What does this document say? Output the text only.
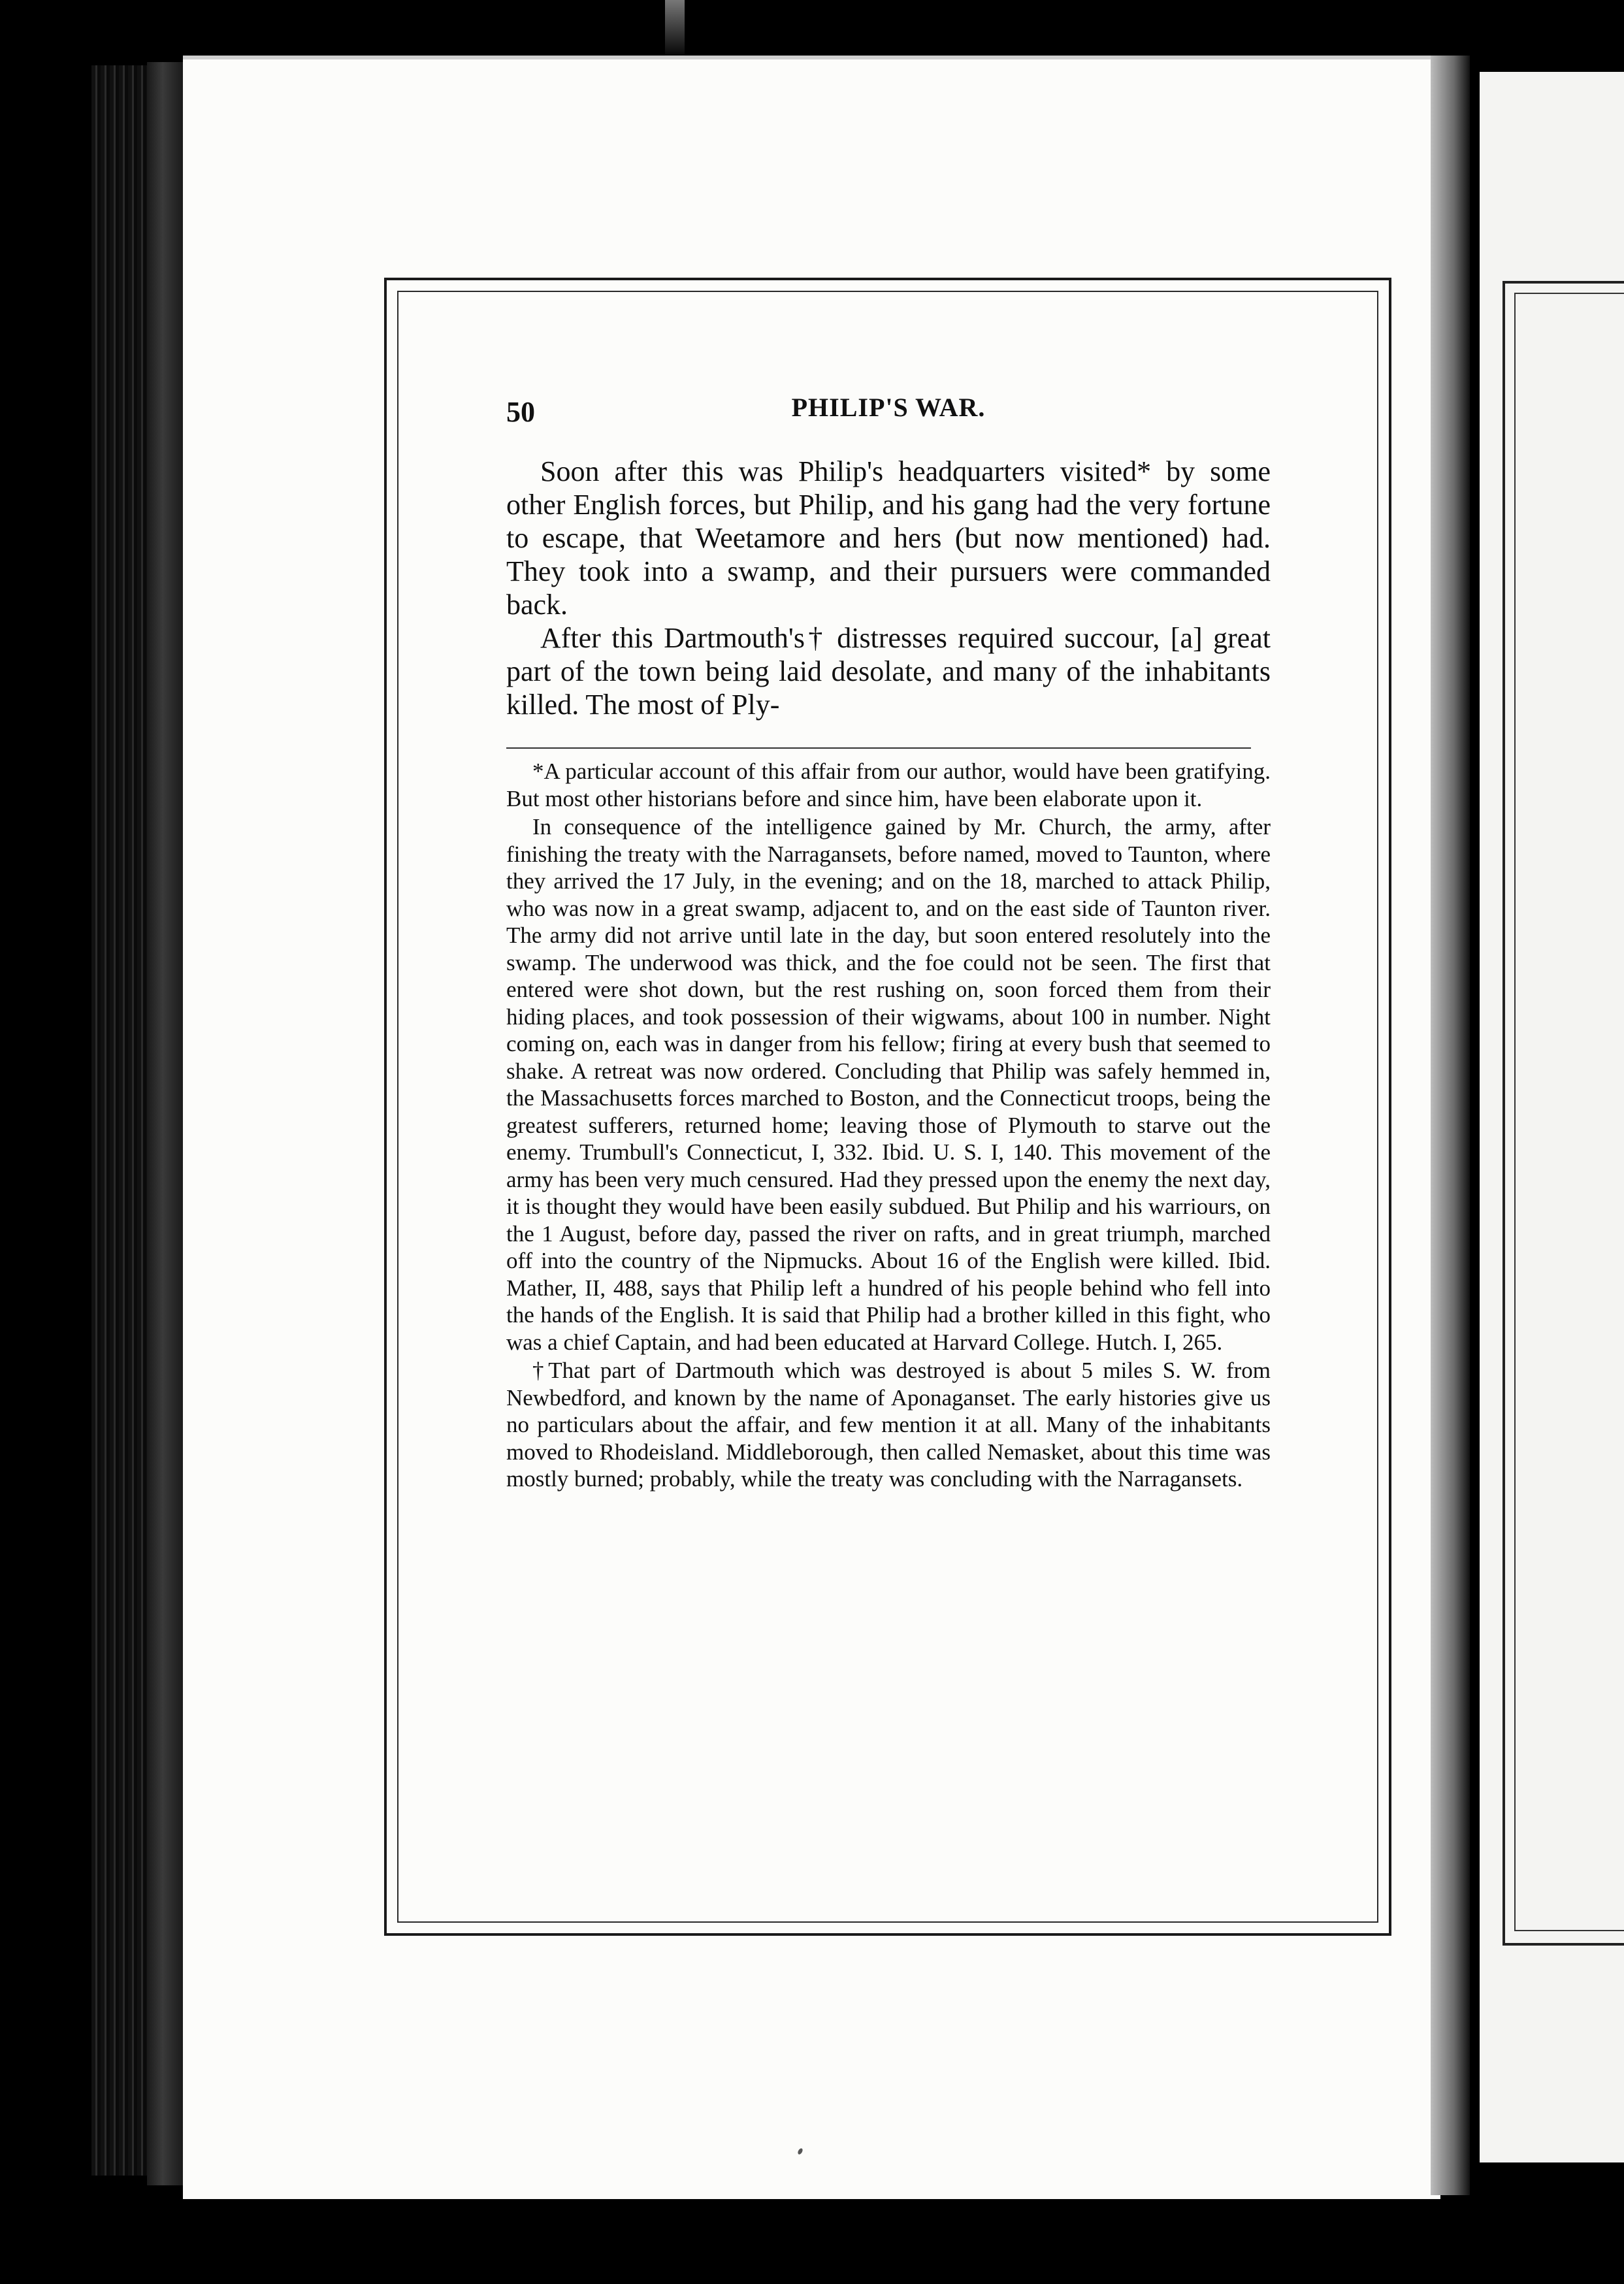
50	PHILIP'S WAR.

Soon after this was Philip's headquarters visited* by some other English forces, but Philip, and his gang had the very fortune to escape, that Weetamore and hers (but now mentioned) had. They took into a swamp, and their pursuers were commanded back.

After this Dartmouth's† distresses required succour, [a] great part of the town being laid desolate, and many of the inhabitants killed. The most of Ply-

*A particular account of this affair from our author, would have been gratifying. But most other historians before and since him, have been elaborate upon it.

In consequence of the intelligence gained by Mr. Church, the army, after finishing the treaty with the Narragansets, before named, moved to Taunton, where they arrived the 17 July, in the evening; and on the 18, marched to attack Philip, who was now in a great swamp, adjacent to, and on the east side of Taunton river. The army did not arrive until late in the day, but soon entered resolutely into the swamp. The underwood was thick, and the foe could not be seen. The first that entered were shot down, but the rest rushing on, soon forced them from their hiding places, and took possession of their wigwams, about 100 in number. Night coming on, each was in danger from his fellow; firing at every bush that seemed to shake. A retreat was now ordered. Concluding that Philip was safely hemmed in, the Massachusetts forces marched to Boston, and the Connecticut troops, being the greatest sufferers, returned home; leaving those of Plymouth to starve out the enemy. Trumbull's Connecticut, I, 332. Ibid. U. S. I, 140. This movement of the army has been very much censured. Had they pressed upon the enemy the next day, it is thought they would have been easily subdued. But Philip and his warriours, on the 1 August, before day, passed the river on rafts, and in great triumph, marched off into the country of the Nipmucks. About 16 of the English were killed. Ibid. Mather, II, 488, says that Philip left a hundred of his people behind who fell into the hands of the English. It is said that Philip had a brother killed in this fight, who was a chief Captain, and had been educated at Harvard College. Hutch. I, 265.

†That part of Dartmouth which was destroyed is about 5 miles S. W. from Newbedford, and known by the name of Aponaganset. The early histories give us no particulars about the affair, and few mention it at all. Many of the inhabitants moved to Rhodeisland. Middleborough, then called Nemasket, about this time was mostly burned; probably, while the treaty was concluding with the Narragansets.
